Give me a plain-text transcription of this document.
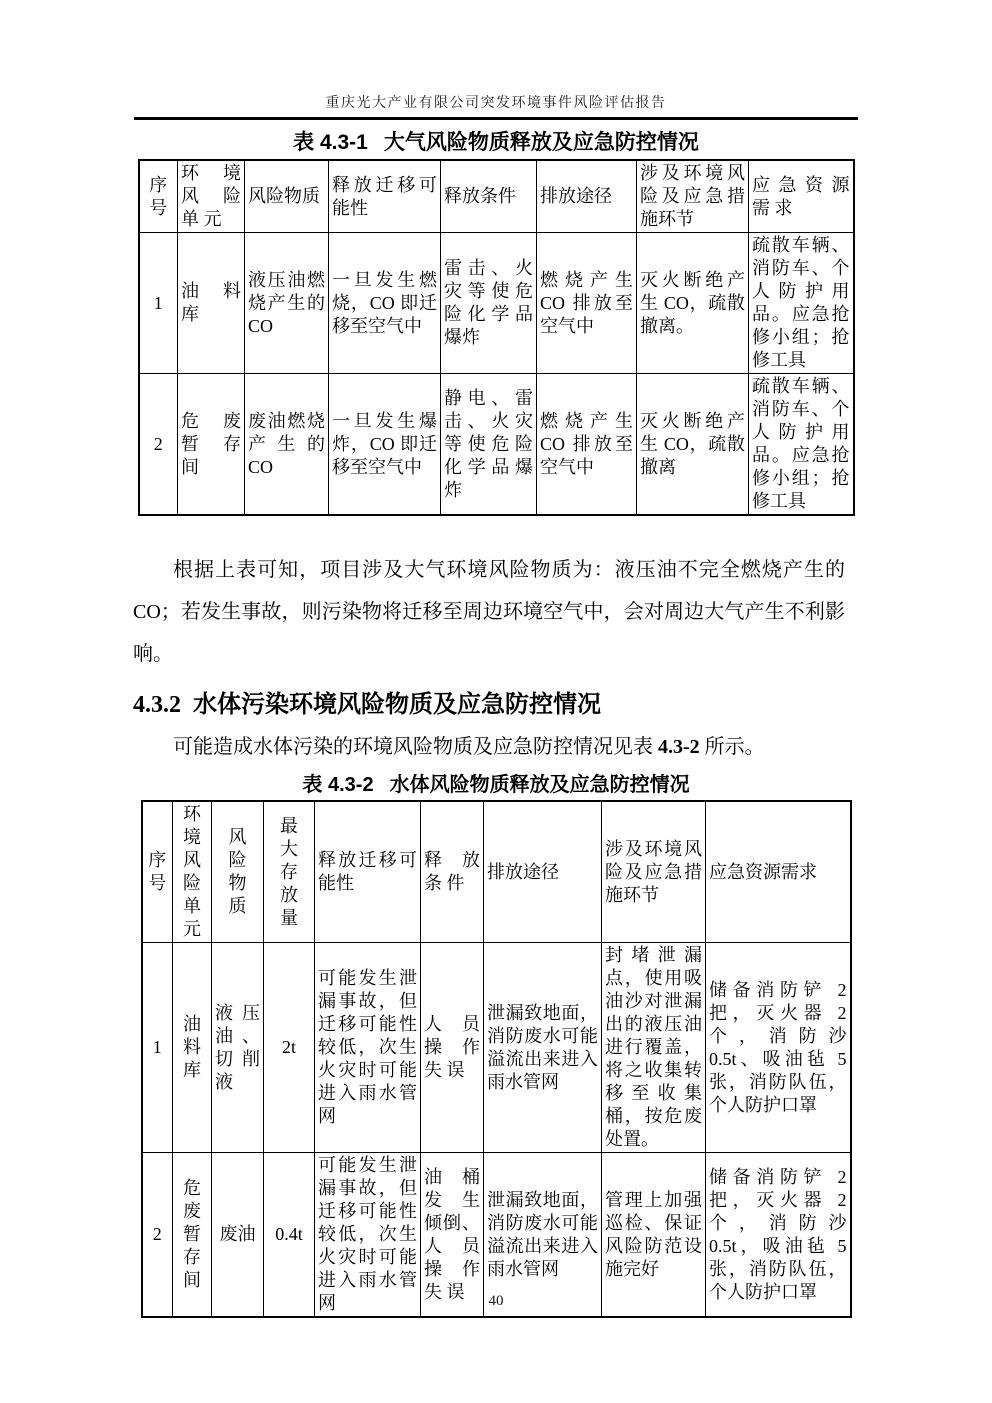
重庆光大产业有限公司突发环境事件风险评估报告
表 4.3-1 大气风险物质释放及应急防控情况
序号	环 境 风 险 单 元	风险物质	释放迁移可能性	释放条件	排放途径	涉及环境风险及应急措施环节	应 急 资 源 需 求
1	油 料 库	液压油燃烧产生的CO	一旦发生燃烧，CO 即迁移至空气中	雷击、火灾等使危险化学品爆炸	燃烧产生 CO 排放至空气中	灭火断绝产生 CO，疏散撤离。	疏散车辆、消防车、个人防护用品。应急抢修小组；抢修工具
2	危 废 暂 存 间	废油燃烧产生的CO	一旦发生爆炸，CO 即迁移至空气中	静电、雷击、火灾等使危险化学品爆炸	燃烧产生 CO 排放至空气中	灭火断绝产生 CO，疏散撤离	疏散车辆、消防车、个人防护用品。应急抢修小组；抢修工具

根据上表可知，项目涉及大气环境风险物质为：液压油不完全燃烧产生的CO；若发生事故，则污染物将迁移至周边环境空气中，会对周边大气产生不利影响。

4.3.2 水体污染环境风险物质及应急防控情况

可能造成水体污染的环境风险物质及应急防控情况见表 4.3-2 所示。

表 4.3-2 水体风险物质释放及应急防控情况
序号	环境风险单元	风险物质	最大存放量	释放迁移可能性	释 放 条 件	排放途径	涉及环境风险及应急措施环节	应急资源需求
1	油料库	液压油、切削液	2t	可能发生泄漏事故，但迁移可能性较低，次生火灾时可能进入雨水管网	人 员 操 作 失 误	泄漏致地面，消防废水可能溢流出来进入雨水管网	封堵泄漏点，使用吸油沙对泄漏出的液压油进行覆盖，将之收集转移至收集桶，按危废处置。	储备消防铲 2 把，灭火器 2 个，消防沙 0.5t、吸油毡 5 张，消防队伍，个人防护口罩
2	危废暂存间	废油	0.4t	可能发生泄漏事故，但迁移可能性较低，次生火灾时可能进入雨水管网	油 桶 发 生 倾倒、 人 员 操 作 失 误	泄漏致地面，消防废水可能溢流出来进入雨水管网	管理上加强巡检、保证风险防范设施完好	储备消防铲 2 把，灭火器 2 个，消防沙 0.5t，吸油毡 5 张，消防队伍，个人防护口罩
40
